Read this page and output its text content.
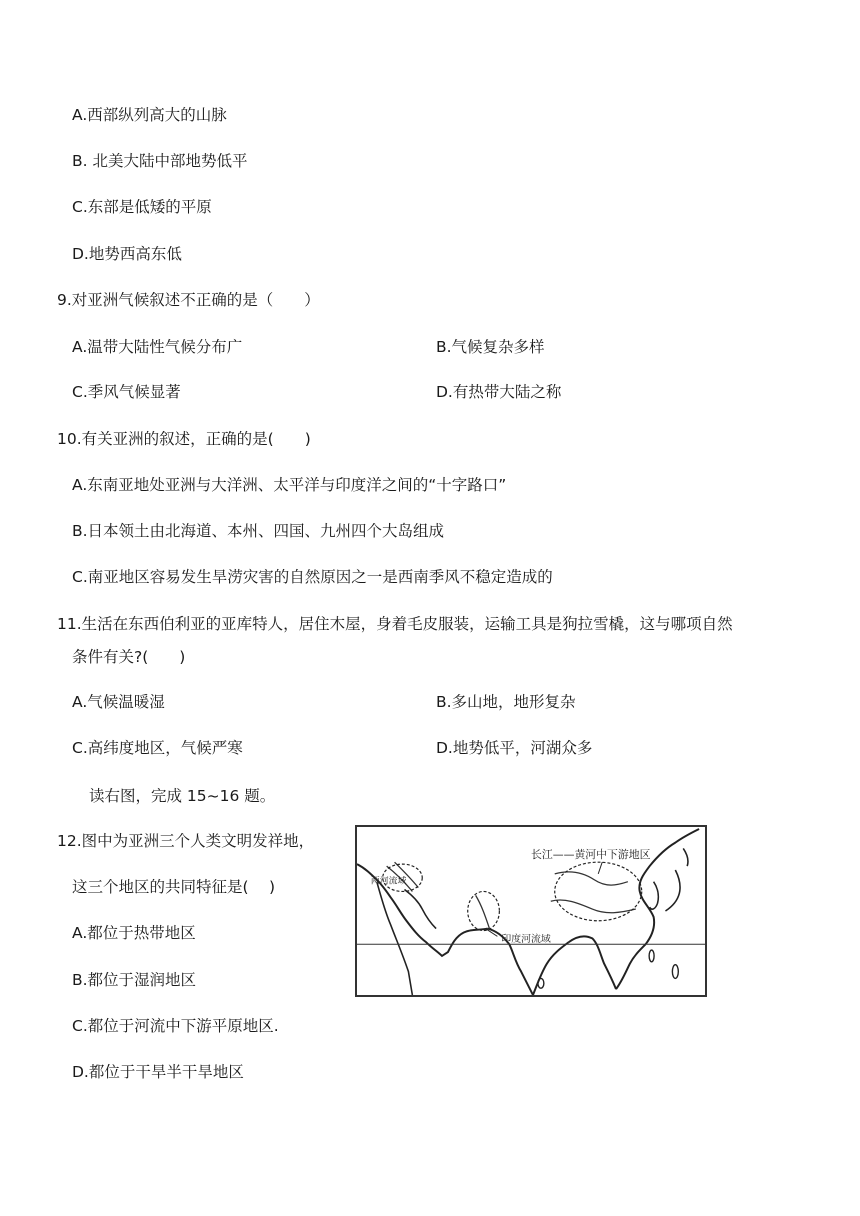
A.西部纵列高大的山脉
B. 北美大陆中部地势低平
C.东部是低矮的平原
D.地势西高东低
9.对亚洲气候叙述不正确的是（　　）
A.温带大陆性气候分布广	B.气候复杂多样
C.季风气候显著	D.有热带大陆之称
10.有关亚洲的叙述，正确的是(　　)
A.东南亚地处亚洲与大洋洲、太平洋与印度洋之间的“十字路口”
B.日本领土由北海道、本州、四国、九州四个大岛组成
C.南亚地区容易发生旱涝灾害的自然原因之一是西南季风不稳定造成的
11.生活在东西伯利亚的亚库特人，居住木屋，身着毛皮服装，运输工具是狗拉雪橇，这与哪项自然
条件有关?(　　)
A.气候温暖湿	B.多山地，地形复杂
C.高纬度地区，气候严寒	D.地势低平，河湖众多
读右图，完成 15~16 题。
12.图中为亚洲三个人类文明发祥地，
这三个地区的共同特征是(　 )
A.都位于热带地区
B.都位于湿润地区
C.都位于河流中下游平原地区.
D.都位于干旱半干旱地区
长江——黄河中下游地区
印度河流域
两河流域
